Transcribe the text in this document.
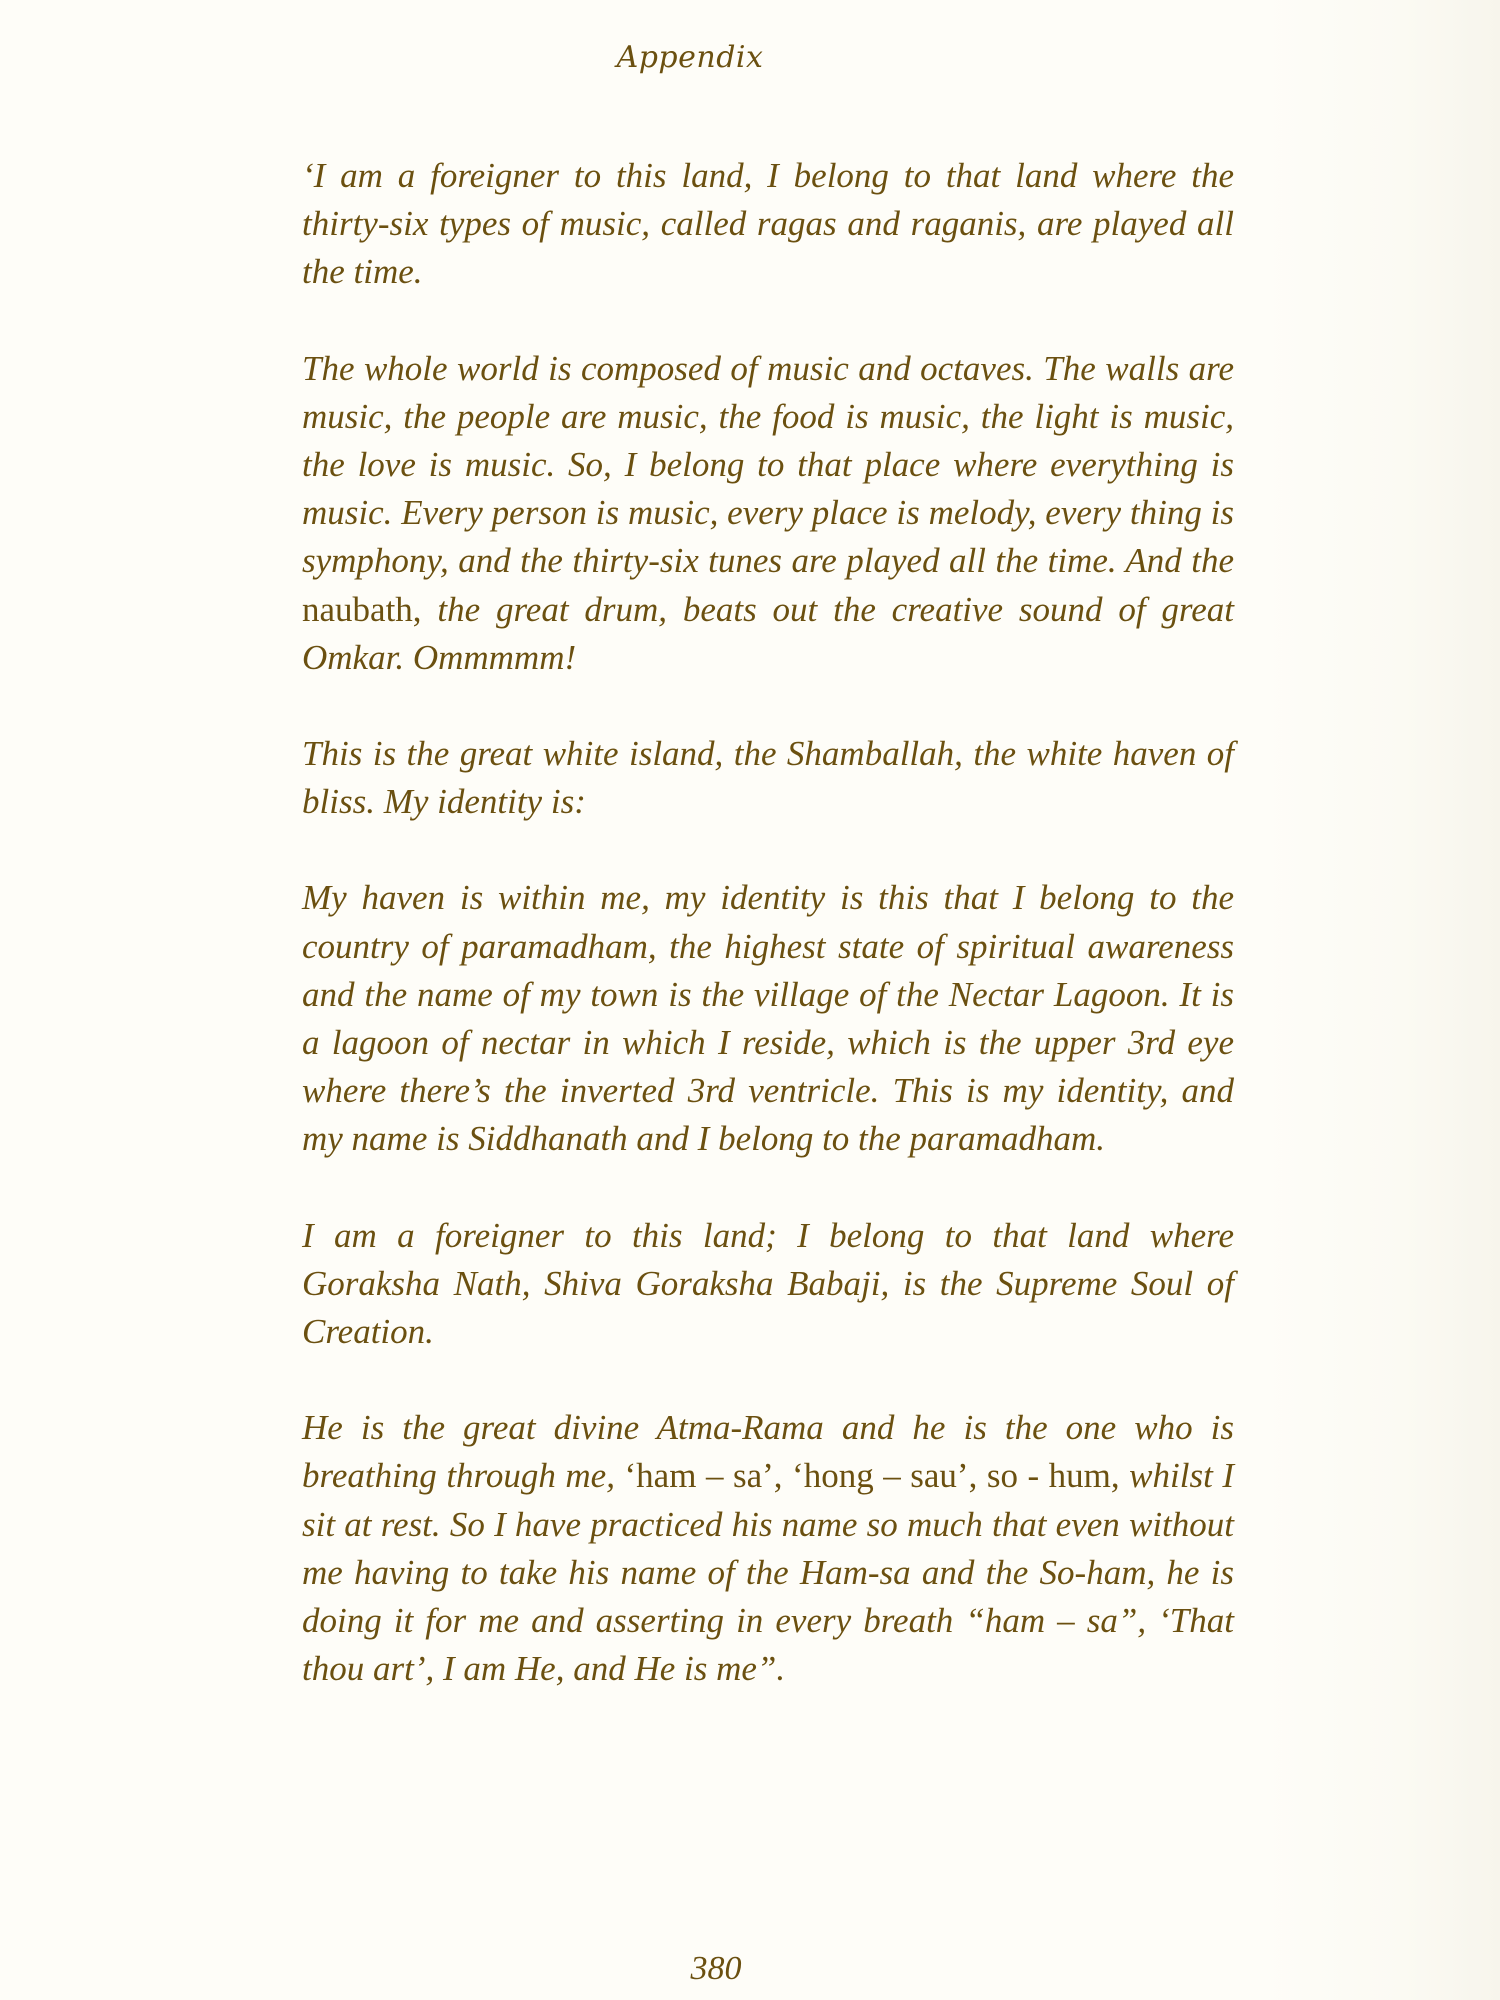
Appendix

‘I am a foreigner to this land, I belong to that land where the thirty-six types of music, called ragas and raganis, are played all the time.

The whole world is composed of music and octaves. The walls are music, the people are music, the food is music, the light is music, the love is music. So, I belong to that place where everything is music. Every person is music, every place is melody, every thing is symphony, and the thirty-six tunes are played all the time. And the naubath, the great drum, beats out the creative sound of great Omkar. Ommmmm!

This is the great white island, the Shamballah, the white haven of bliss. My identity is:

My haven is within me, my identity is this that I belong to the country of paramadham, the highest state of spiritual awareness and the name of my town is the village of the Nectar Lagoon. It is a lagoon of nectar in which I reside, which is the upper 3rd eye where there’s the inverted 3rd ventricle. This is my identity, and my name is Siddhanath and I belong to the paramadham.

I am a foreigner to this land; I belong to that land where Goraksha Nath, Shiva Goraksha Babaji, is the Supreme Soul of Creation.

He is the great divine Atma-Rama and he is the one who is breathing through me, ‘ham – sa’, ‘hong – sau’, so - hum, whilst I sit at rest. So I have practiced his name so much that even without me having to take his name of the Ham-sa and the So-ham, he is doing it for me and asserting in every breath “ham – sa”, ‘That thou art’, I am He, and He is me”.

380
